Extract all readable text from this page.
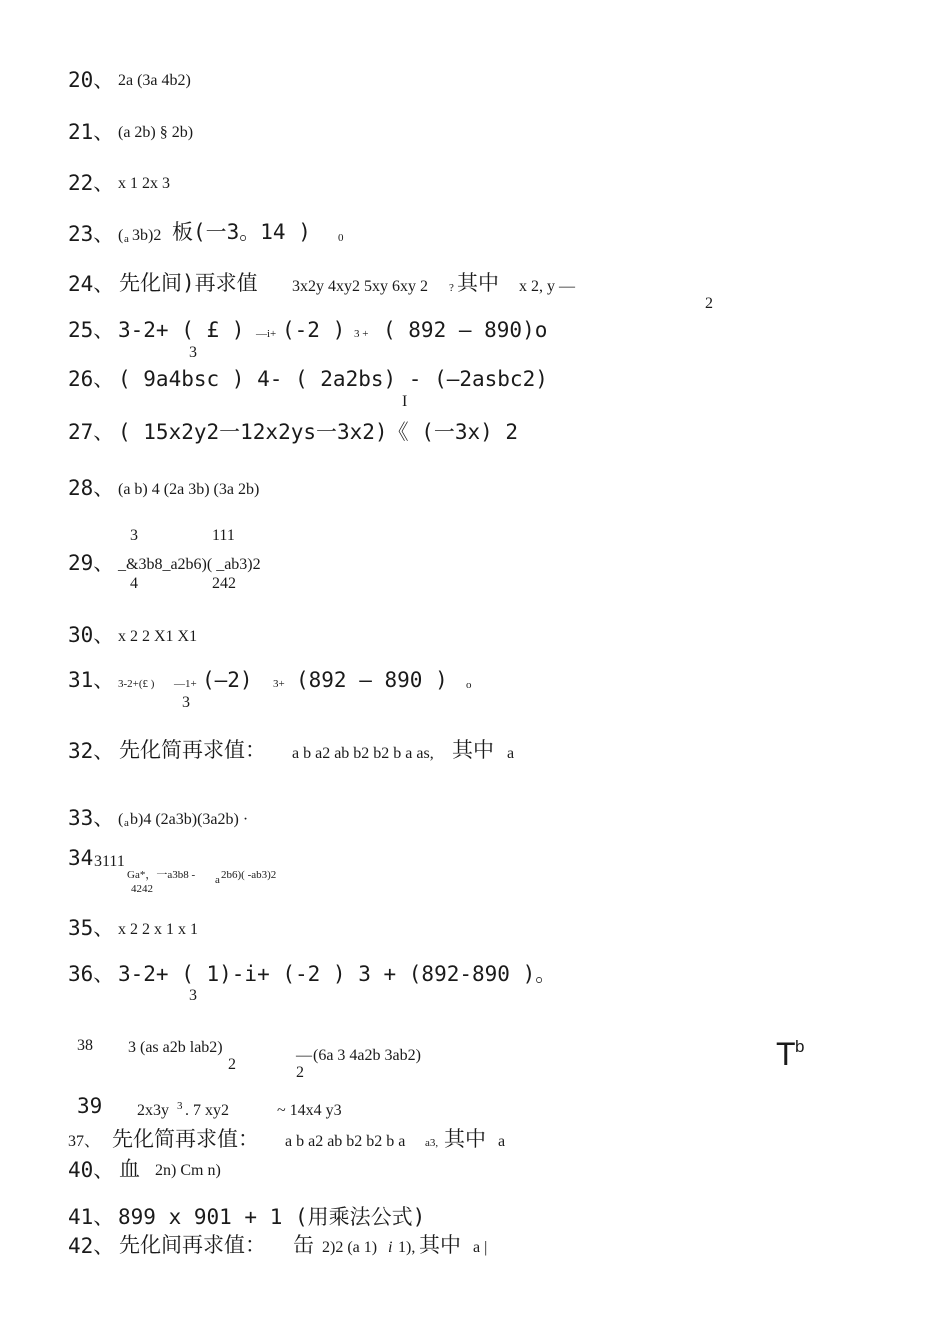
20、 2a (3a 4b2)
21、 (a 2b) § 2b)
22、 x 1 2x 3
23、 ( a 3b)2 板(一3。14 ) 0
24、 先化间)再求值 3x2y 4xy2 5xy 6xy 2 ? 其中 x 2, y —
2
25、 3-2+ ( £ ) —i+ (-2 ) 3 + ( 892 — 890)o
3
26、 ( 9a4bsc ) 4- ( 2a2bs) - (—2asbc2)
I
27、 ( 15x2y2一12x2ys一3x2)《 (一3x) 2
28、 (a b) 4 (2a 3b) (3a 2b)
3	111
29、 _&3b8_a2b6)( _ab3)2
4	242
30、 x 2 2 X1 X1
31、 3-2+(£ ) —1+ (—2) 3+ (892 — 890 ) o
3
32、 先化简再求值： a b a2 ab b2 b2 b a as, 其中 a
33、 ( a b)4 (2a3b)(3a2b) ·
34 3111
Ga*，一a3b8 - a 2b6)( -ab3)2
4242
35、 x 2 2 x 1 x 1
36、 3-2+ ( 1)-i+ (-2 ) 3 + (892-890 )。
3
38 3 (as a2b lab2)
2
— (6a 3 4a2b 3ab2)
2
T b
39 2x3y 3 . 7 xy2	~ 14x4 y3
37、 先化简再求值： a b a2 ab b2 b2 b a a3, 其中 a
40、 血 2n) Cm n)
41、 899 x 901 + 1 (用乘法公式)
42、 先化间再求值： 缶 2)2 (a 1) i 1), 其中 a |
